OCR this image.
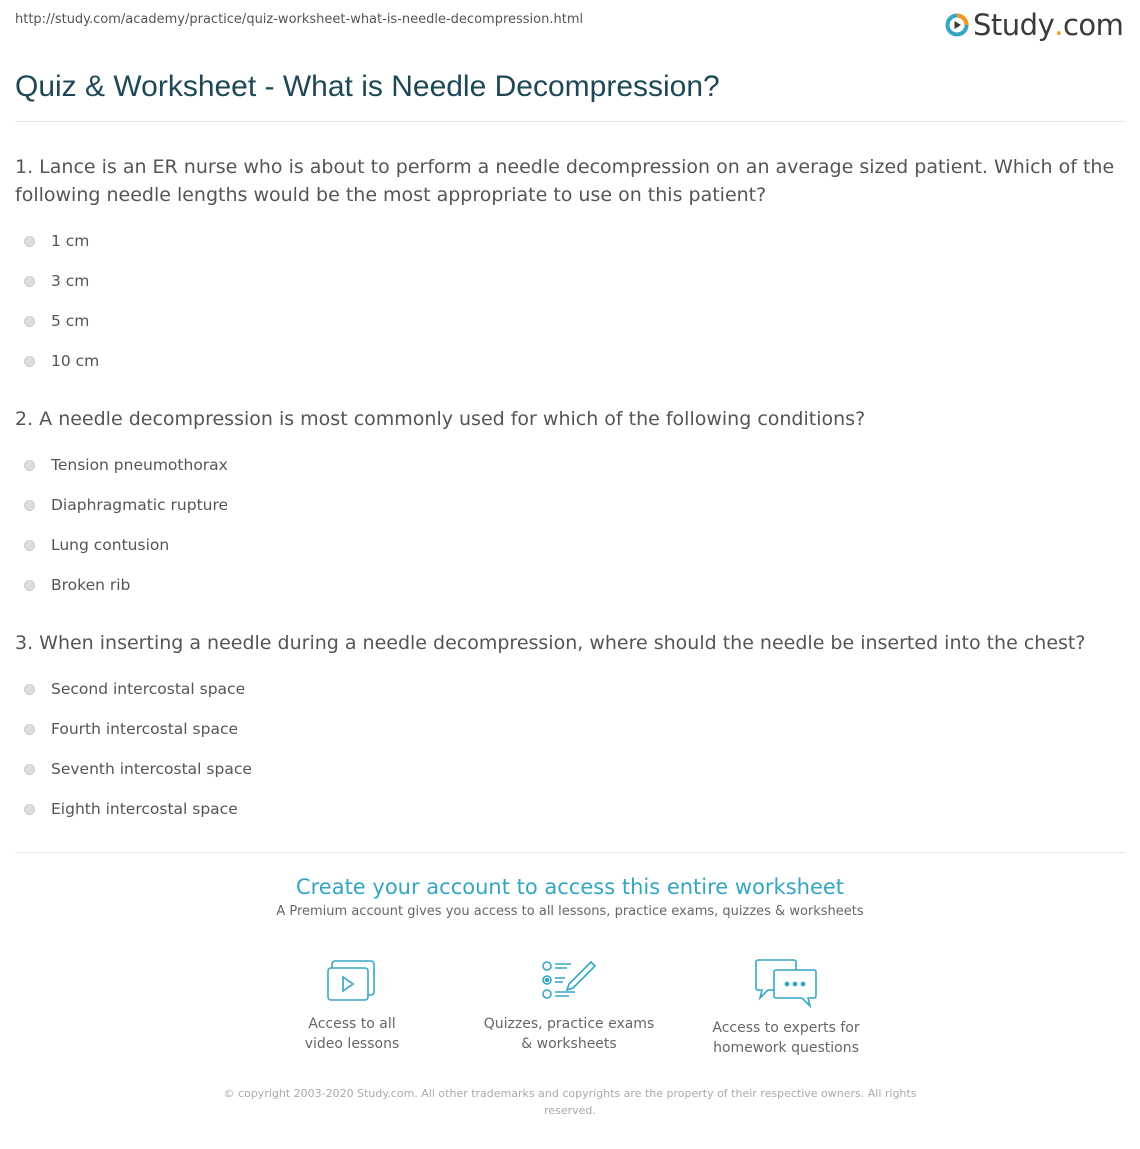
http://study.com/academy/practice/quiz-worksheet-what-is-needle-decompression.html	Study . com
Quiz & Worksheet - What is Needle Decompression?

1. Lance is an ER nurse who is about to perform a needle decompression on an average sized patient. Which of the following needle lengths would be the most appropriate to use on this patient?

1 cm
3 cm
5 cm
10 cm

2. A needle decompression is most commonly used for which of the following conditions?

Tension pneumothorax
Diaphragmatic rupture
Lung contusion
Broken rib

3. When inserting a needle during a needle decompression, where should the needle be inserted into the chest?

Second intercostal space
Fourth intercostal space
Seventh intercostal space
Eighth intercostal space
Create your account to access this entire worksheet

A Premium account gives you access to all lessons, practice exams, quizzes & worksheets

Access to all
video lessons
Quizzes, practice exams
& worksheets
Access to experts for
homework questions
© copyright 2003-2020 Study.com. All other trademarks and copyrights are the property of their respective owners. All rights reserved.
